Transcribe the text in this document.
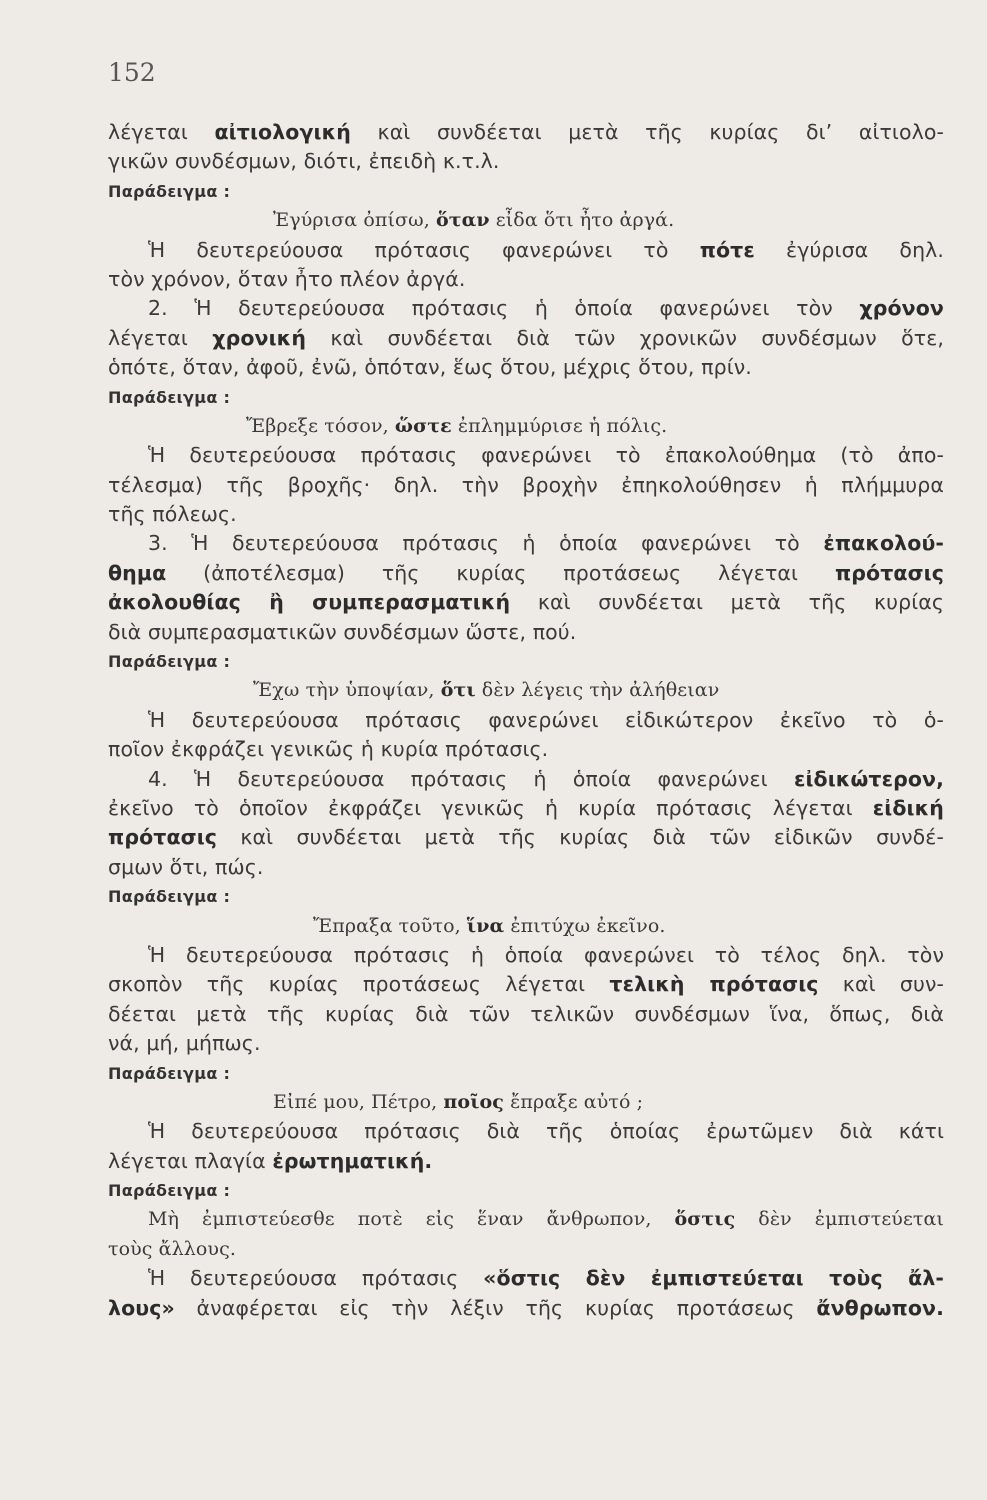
152
λέγεται αἰτιολογική καὶ συνδέεται μετὰ τῆς κυρίας δι’ αἰτιολο-
γικῶν συνδέσμων, διότι, ἐπειδὴ κ.τ.λ.
Παράδειγμα :
Ἐγύρισα ὀπίσω, ὅταν εἶδα ὅτι ἦτο ἀργά.
Ἡ δευτερεύουσα πρότασις φανερώνει τὸ πότε ἐγύρισα δηλ.
τὸν χρόνον, ὅταν ἦτο πλέον ἀργά.
2. Ἡ δευτερεύουσα πρότασις ἡ ὁποία φανερώνει τὸν χρόνον
λέγεται χρονική καὶ συνδέεται διὰ τῶν χρονικῶν συνδέσμων ὅτε,
ὁπότε, ὅταν, ἀφοῦ, ἐνῶ, ὁπόταν, ἕως ὅτου, μέχρις ὅτου, πρίν.
Παράδειγμα :
Ἔβρεξε τόσον, ὥστε ἐπλημμύρισε ἡ πόλις.
Ἡ δευτερεύουσα πρότασις φανερώνει τὸ ἐπακολούθημα (τὸ ἀπο-
τέλεσμα) τῆς βροχῆς· δηλ. τὴν βροχὴν ἐπηκολούθησεν ἡ πλήμμυρα
τῆς πόλεως.
3. Ἡ δευτερεύουσα πρότασις ἡ ὁποία φανερώνει τὸ ἐπακολού-
θημα (ἀποτέλεσμα) τῆς κυρίας προτάσεως λέγεται πρότασις
ἀκολουθίας ἢ συμπερασματική καὶ συνδέεται μετὰ τῆς κυρίας
διὰ συμπερασματικῶν συνδέσμων ὥστε, πού.
Παράδειγμα :
Ἔχω τὴν ὑποψίαν, ὅτι δὲν λέγεις τὴν ἀλήθειαν
Ἡ δευτερεύουσα πρότασις φανερώνει εἰδικώτερον ἐκεῖνο τὸ ὁ-
ποῖον ἐκφράζει γενικῶς ἡ κυρία πρότασις.
4. Ἡ δευτερεύουσα πρότασις ἡ ὁποία φανερώνει εἰδικώτερον,
ἐκεῖνο τὸ ὁποῖον ἐκφράζει γενικῶς ἡ κυρία πρότασις λέγεται εἰδική
πρότασις καὶ συνδέεται μετὰ τῆς κυρίας διὰ τῶν εἰδικῶν συνδέ-
σμων ὅτι, πώς.
Παράδειγμα :
Ἔπραξα τοῦτο, ἵνα ἐπιτύχω ἐκεῖνο.
Ἡ δευτερεύουσα πρότασις ἡ ὁποία φανερώνει τὸ τέλος δηλ. τὸν
σκοπὸν τῆς κυρίας προτάσεως λέγεται τελικὴ πρότασις καὶ συν-
δέεται μετὰ τῆς κυρίας διὰ τῶν τελικῶν συνδέσμων ἵνα, ὅπως, διὰ
νά, μή, μήπως.
Παράδειγμα :
Εἰπέ μου, Πέτρο, ποῖος ἔπραξε αὐτό ;
Ἡ δευτερεύουσα πρότασις διὰ τῆς ὁποίας ἐρωτῶμεν διὰ κάτι
λέγεται πλαγία ἐρωτηματική.
Παράδειγμα :
Μὴ ἐμπιστεύεσθε ποτὲ εἰς ἕναν ἄνθρωπον, ὅστις δὲν ἐμπιστεύεται
τοὺς ἄλλους.
Ἡ δευτερεύουσα πρότασις «ὅστις δὲν ἐμπιστεύεται τοὺς ἄλ-
λους» ἀναφέρεται εἰς τὴν λέξιν τῆς κυρίας προτάσεως ἄνθρωπον.
